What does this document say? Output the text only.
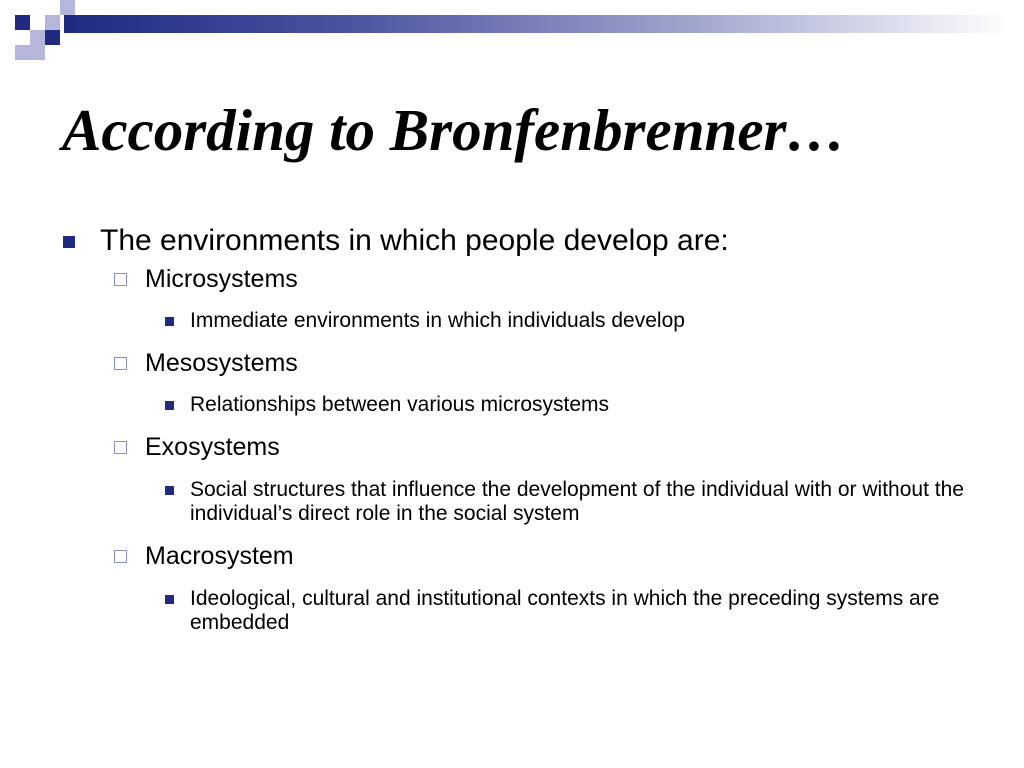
According to Bronfenbrenner…
The environments in which people develop are:
Microsystems
Immediate environments in which individuals develop
Mesosystems
Relationships between various microsystems
Exosystems
Social structures that influence the development of the individual with or without the individual’s direct role in the social system
Macrosystem
Ideological, cultural and institutional contexts in which the preceding systems are embedded
